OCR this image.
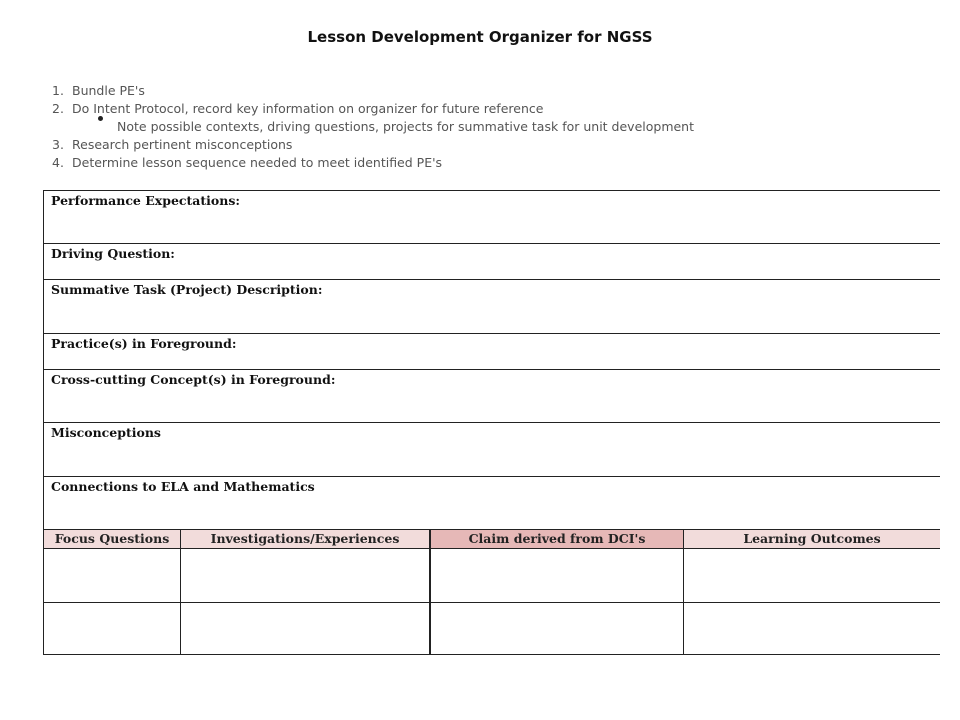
Lesson Development Organizer for NGSS
1. Bundle PE's
2. Do Intent Protocol, record key information on organizer for future reference
Note possible contexts, driving questions, projects for summative task for unit development
3. Research pertinent misconceptions
4. Determine lesson sequence needed to meet identified PE's
Performance Expectations:
Driving Question:
Summative Task (Project) Description:
Practice(s) in Foreground:
Cross-cutting Concept(s) in Foreground:
Misconceptions
Connections to ELA and Mathematics
Focus Questions	Investigations/Experiences	Claim derived from DCI's	Learning Outcomes
